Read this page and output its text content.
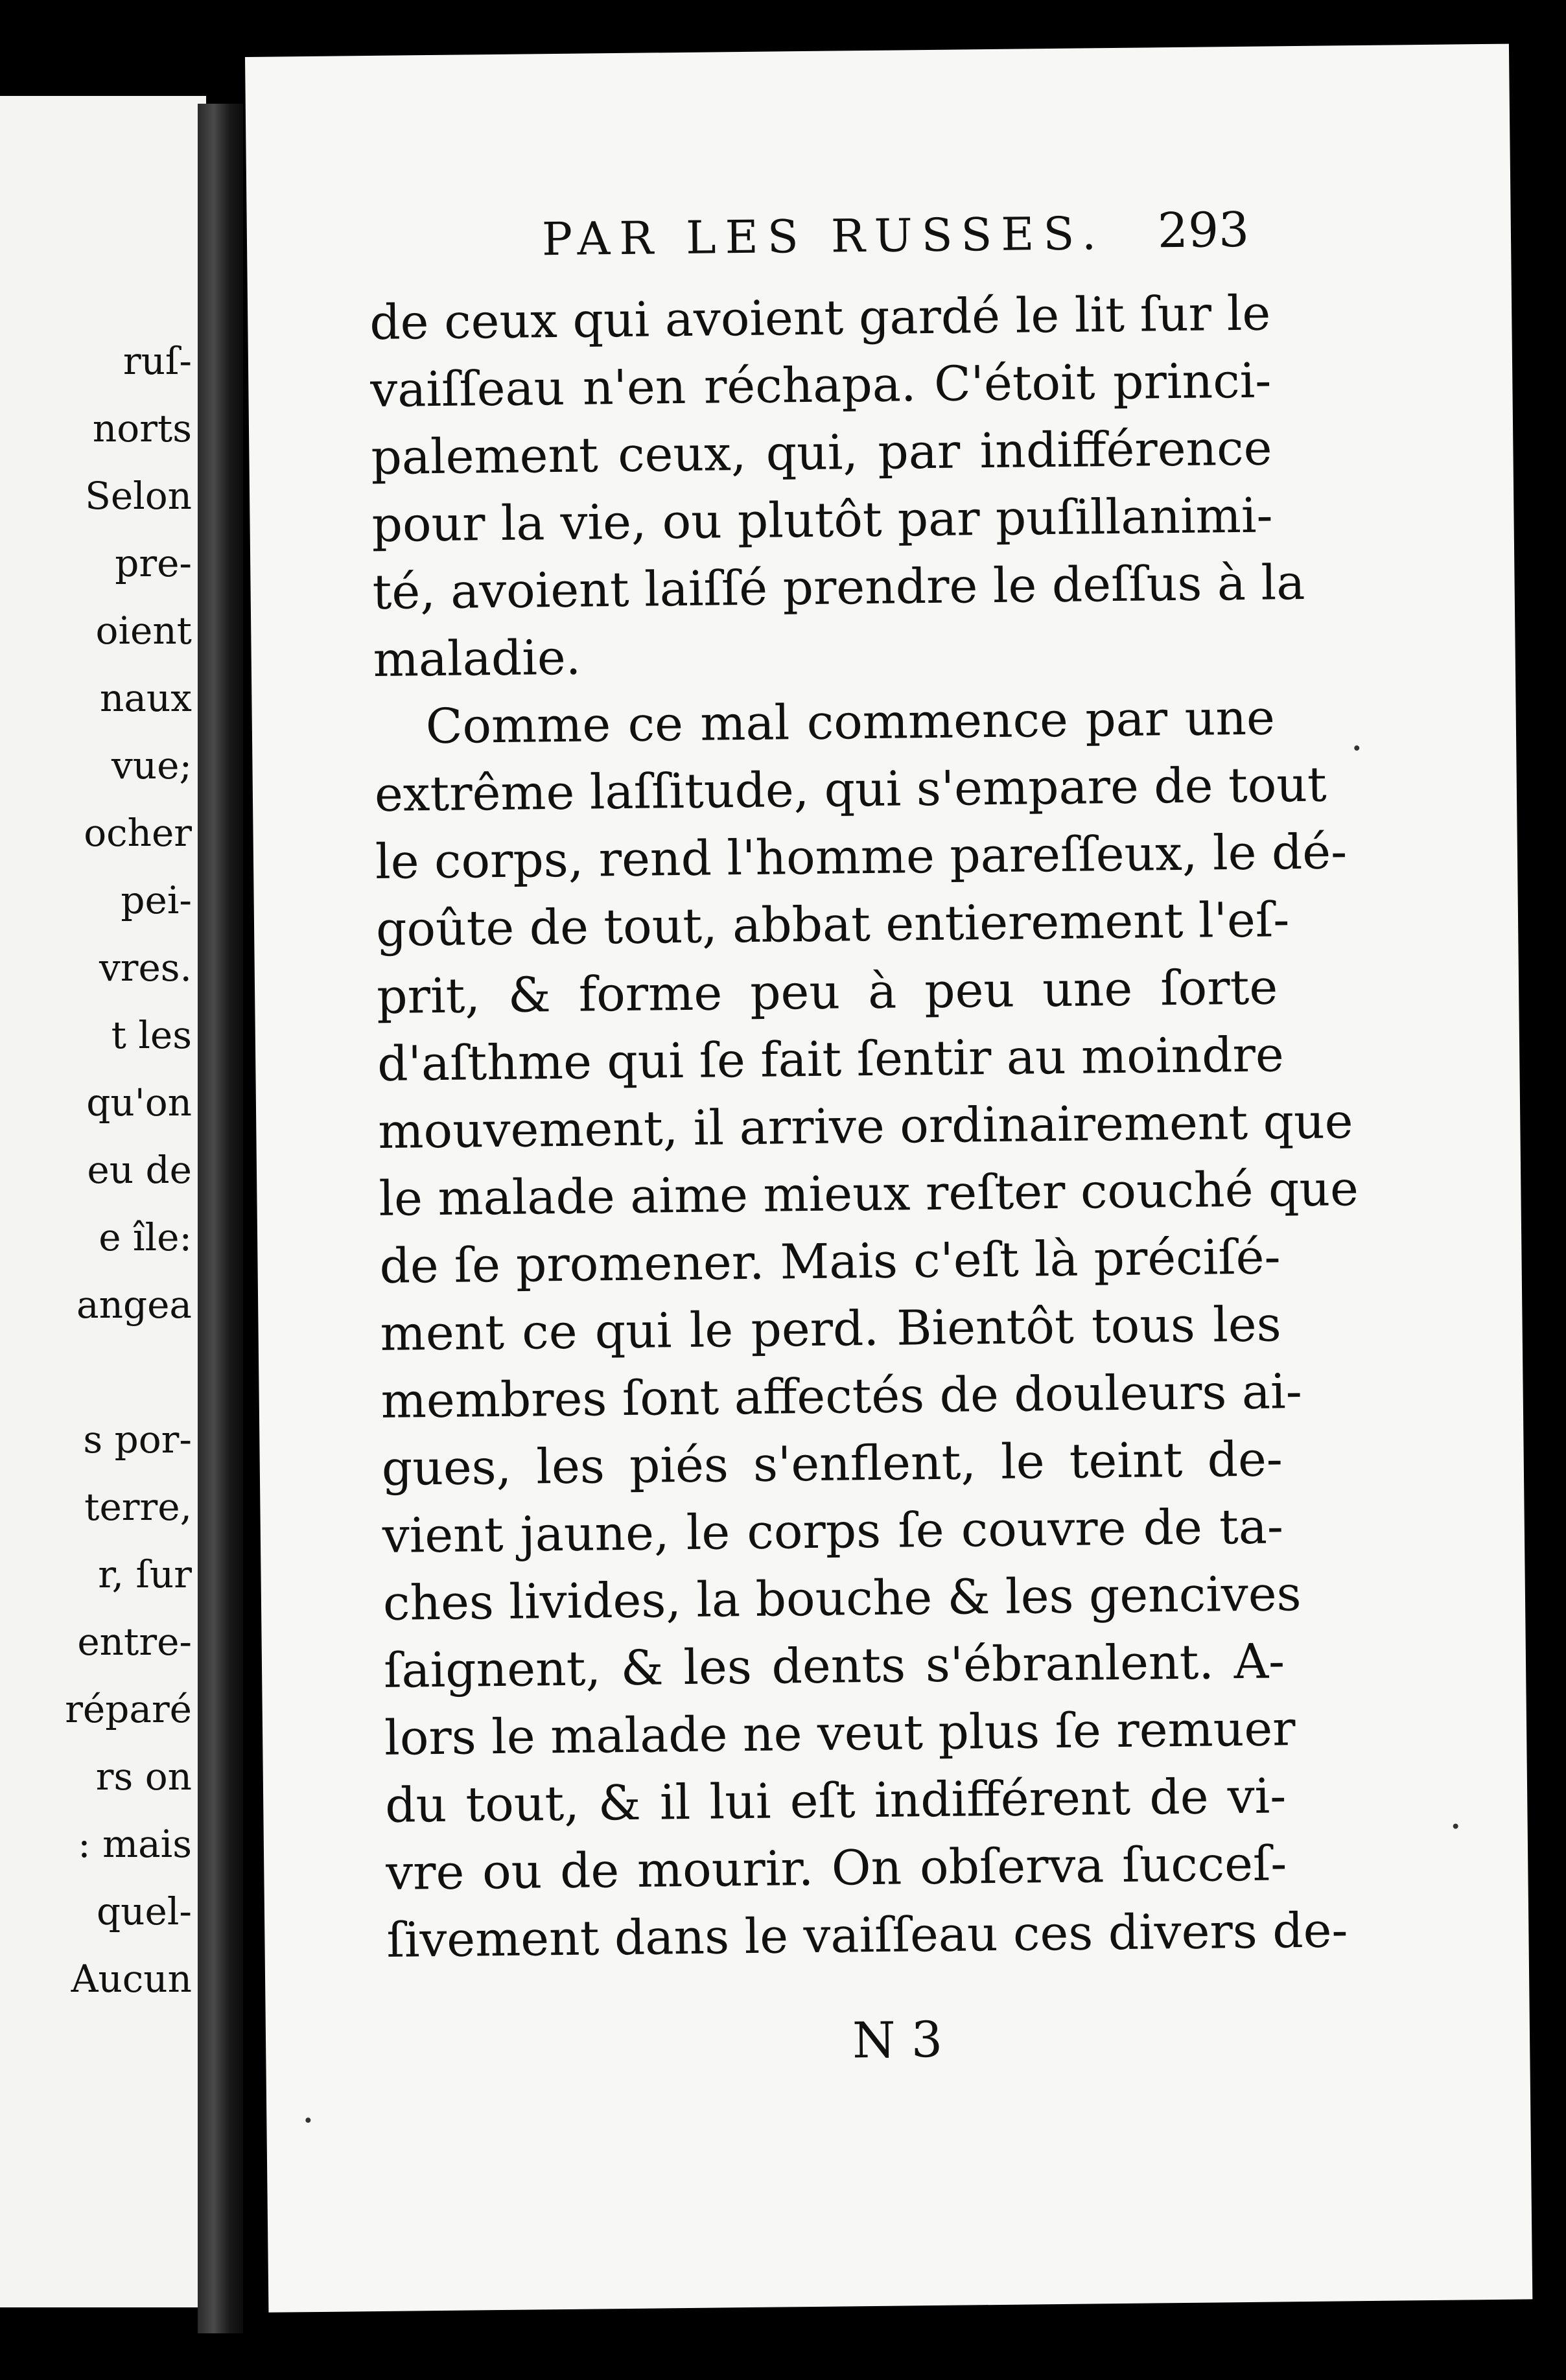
ruſ-
norts
Selon
pre-
oient
naux
vue;
ocher
pei-
vres.
t les
qu'on
eu de
e île:
angea
s por-
terre,
r, ſur
entre-
réparé
rs on
: mais
quel-
Aucun
PAR LES RUSSES. 293
de ceux qui avoient gardé le lit ſur le
vaiſſeau n'en réchapa. C'étoit princi-
palement ceux, qui, par indifférence
pour la vie, ou plutôt par puſillanimi-
té, avoient laiſſé prendre le deſſus à la
maladie.
Comme ce mal commence par une
extrême laſſitude, qui s'empare de tout
le corps, rend l'homme pareſſeux, le dé-
goûte de tout, abbat entierement l'eſ-
prit, & forme peu à peu une ſorte
d'aſthme qui ſe fait ſentir au moindre
mouvement, il arrive ordinairement que
le malade aime mieux reſter couché que
de ſe promener. Mais c'eſt là préciſé-
ment ce qui le perd. Bientôt tous les
membres ſont affectés de douleurs ai-
gues, les piés s'enflent, le teint de-
vient jaune, le corps ſe couvre de ta-
ches livides, la bouche & les gencives
ſaignent, & les dents s'ébranlent. A-
lors le malade ne veut plus ſe remuer
du tout, & il lui eſt indifférent de vi-
vre ou de mourir. On obſerva ſucceſ-
ſivement dans le vaiſſeau ces divers de-
N 3
